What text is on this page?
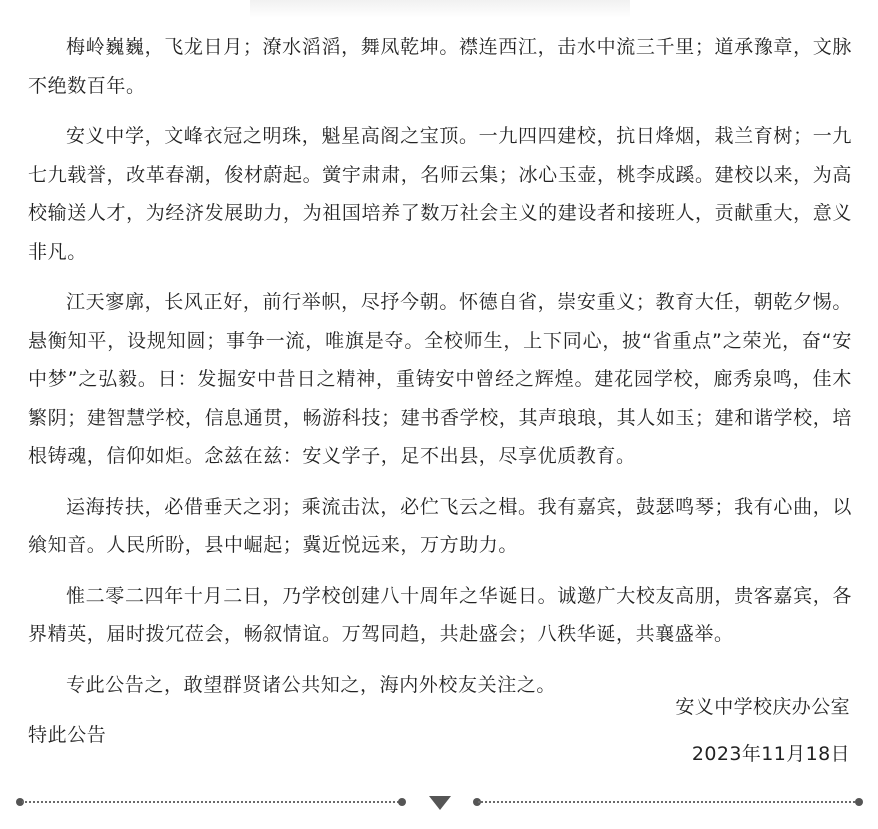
梅岭巍巍，飞龙日月；潦水滔滔，舞凤乾坤。襟连西江，击水中流三千里；道承豫章，文脉不绝数百年。

安义中学，文峰衣冠之明珠，魁星高阁之宝顶。一九四四建校，抗日烽烟，栽兰育树；一九七九载誉，改革春潮，俊材蔚起。黉宇肃肃，名师云集；冰心玉壶，桃李成蹊。建校以来，为高校输送人才，为经济发展助力，为祖国培养了数万社会主义的建设者和接班人，贡献重大，意义非凡。

江天寥廓，长风正好，前行举帜，尽抒今朝。怀德自省，崇安重义；教育大任，朝乾夕惕。悬衡知平，设规知圆；事争一流，唯旗是夺。全校师生，上下同心，披“省重点”之荣光，奋“安中梦”之弘毅。日：发掘安中昔日之精神，重铸安中曾经之辉煌。建花园学校，廊秀泉鸣，佳木繁阴；建智慧学校，信息通贯，畅游科技；建书香学校，其声琅琅，其人如玉；建和谐学校，培根铸魂，信仰如炬。念兹在兹：安义学子，足不出县，尽享优质教育。

运海抟扶，必借垂天之羽；乘流击汰，必伫飞云之楫。我有嘉宾，鼓瑟鸣琴；我有心曲，以飨知音。人民所盼，县中崛起；冀近悦远来，万方助力。

惟二零二四年十月二日，乃学校创建八十周年之华诞日。诚邀广大校友高朋，贵客嘉宾，各界精英，届时拨冗莅会，畅叙情谊。万驾同趋，共赴盛会；八秩华诞，共襄盛举。

专此公告之，敢望群贤诸公共知之，海内外校友关注之。

特此公告

安义中学校庆办公室
2023年11月18日
